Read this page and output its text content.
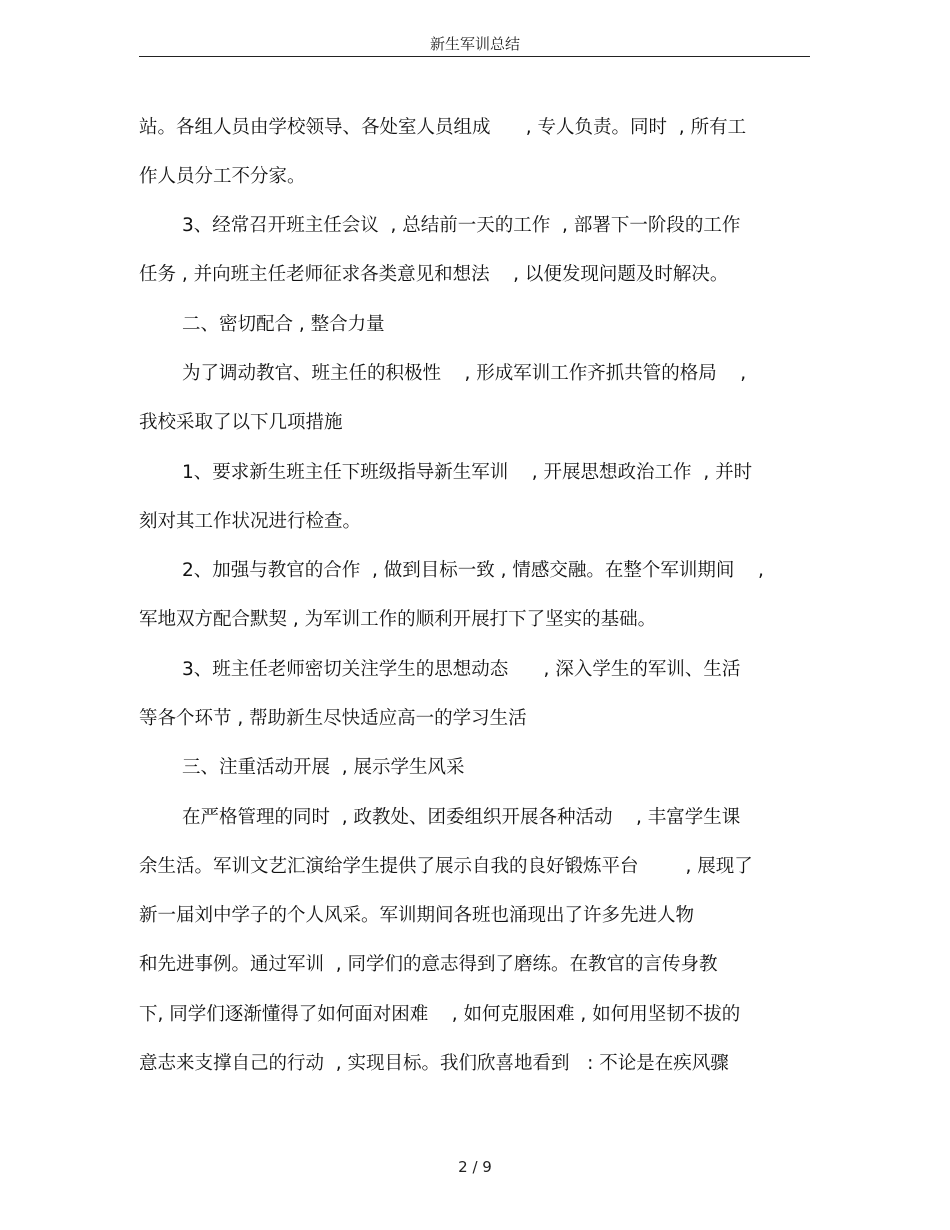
新生军训总结
站。各组人员由学校领导、各处室人员组成      , 专人负责。同时  , 所有工
作人员分工不分家。
3、经常召开班主任会议  , 总结前一天的工作  , 部署下一阶段的工作
任务 , 并向班主任老师征求各类意见和想法    , 以便发现问题及时解决。
二、密切配合 , 整合力量
为了调动教官、班主任的积极性    , 形成军训工作齐抓共管的格局    ,
我校采取了以下几项措施
1、要求新生班主任下班级指导新生军训    , 开展思想政治工作  , 并时
刻对其工作状况进行检查。
2、加强与教官的合作  , 做到目标一致 , 情感交融。在整个军训期间    ,
军地双方配合默契 , 为军训工作的顺利开展打下了坚实的基础。
3、班主任老师密切关注学生的思想动态      , 深入学生的军训、生活
等各个环节 , 帮助新生尽快适应高一的学习生活
三、注重活动开展  , 展示学生风采
在严格管理的同时  , 政教处、团委组织开展各种活动    , 丰富学生课
余生活。军训文艺汇演给学生提供了展示自我的良好锻炼平台        , 展现了
新一届刘中学子的个人风采。军训期间各班也涌现出了许多先进人物
和先进事例。通过军训  , 同学们的意志得到了磨练。在教官的言传身教
下, 同学们逐渐懂得了如何面对困难    , 如何克服困难 , 如何用坚韧不拔的
意志来支撑自己的行动  , 实现目标。我们欣喜地看到   : 不论是在疾风骤
2 / 9
